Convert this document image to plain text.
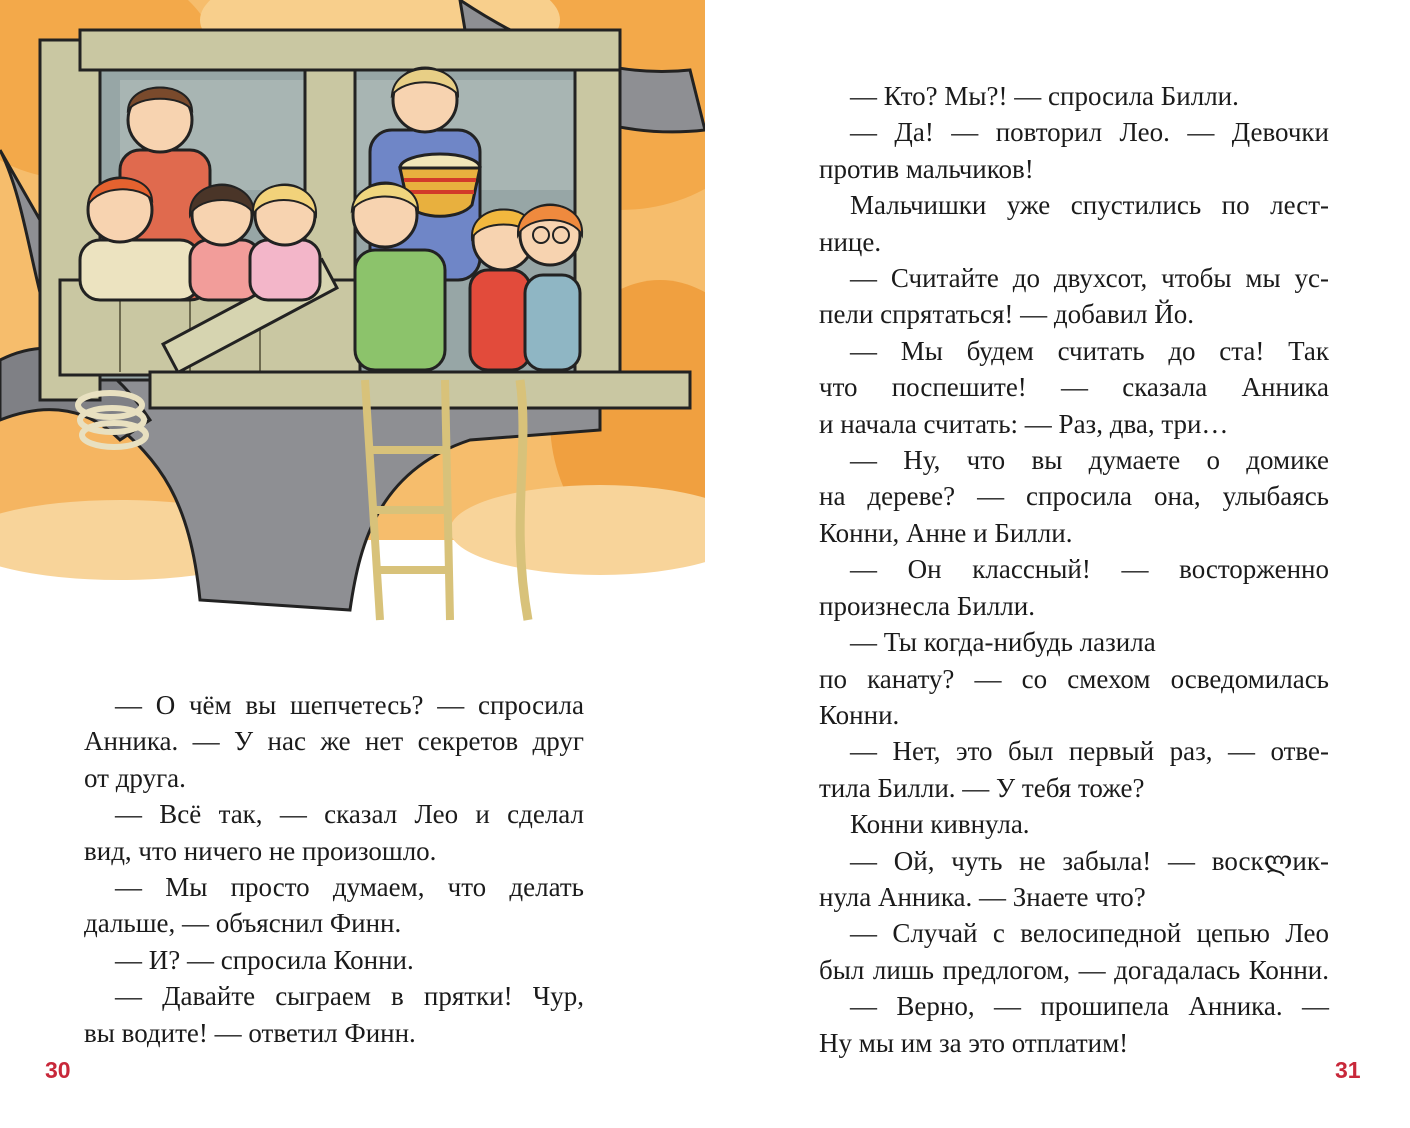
— О чём вы шепчетесь? — спросила
Анника. — У нас же нет секретов друг
от друга.
— Всё так, — сказал Лео и сделал
вид, что ничего не произошло.
— Мы просто думаем, что делать
дальше, — объяснил Финн.
— И? — спросила Конни.
— Давайте сыграем в прятки! Чур,
вы водите! — ответил Финн.
30
— Кто? Мы?! — спросила Билли.
— Да! — повторил Лео. — Девочки
против мальчиков!
Мальчишки уже спустились по лест-
нице.
— Считайте до двухсот, чтобы мы ус-
пели спрятаться! — добавил Йо.
— Мы будем считать до ста! Так
что поспешите! — сказала Анника
и начала считать: — Раз, два, три…
— Ну, что вы думаете о домике
на дереве? — спросила она, улыбаясь
Конни, Анне и Билли.
— Он классный! — восторженно
произнесла Билли.
— Ты когда-нибудь лазила
по канату? — со смехом осведомилась
Конни.
— Нет, это был первый раз, — отве-
тила Билли. — У тебя тоже?
Конни кивнула.
— Ой, чуть не забыла! — воскლик-
нула Анника. — Знаете что?
— Случай с велосипедной цепью Лео
был лишь предлогом, — догадалась Конни.
— Верно, — прошипела Анника. —
Ну мы им за это отплатим!
31
